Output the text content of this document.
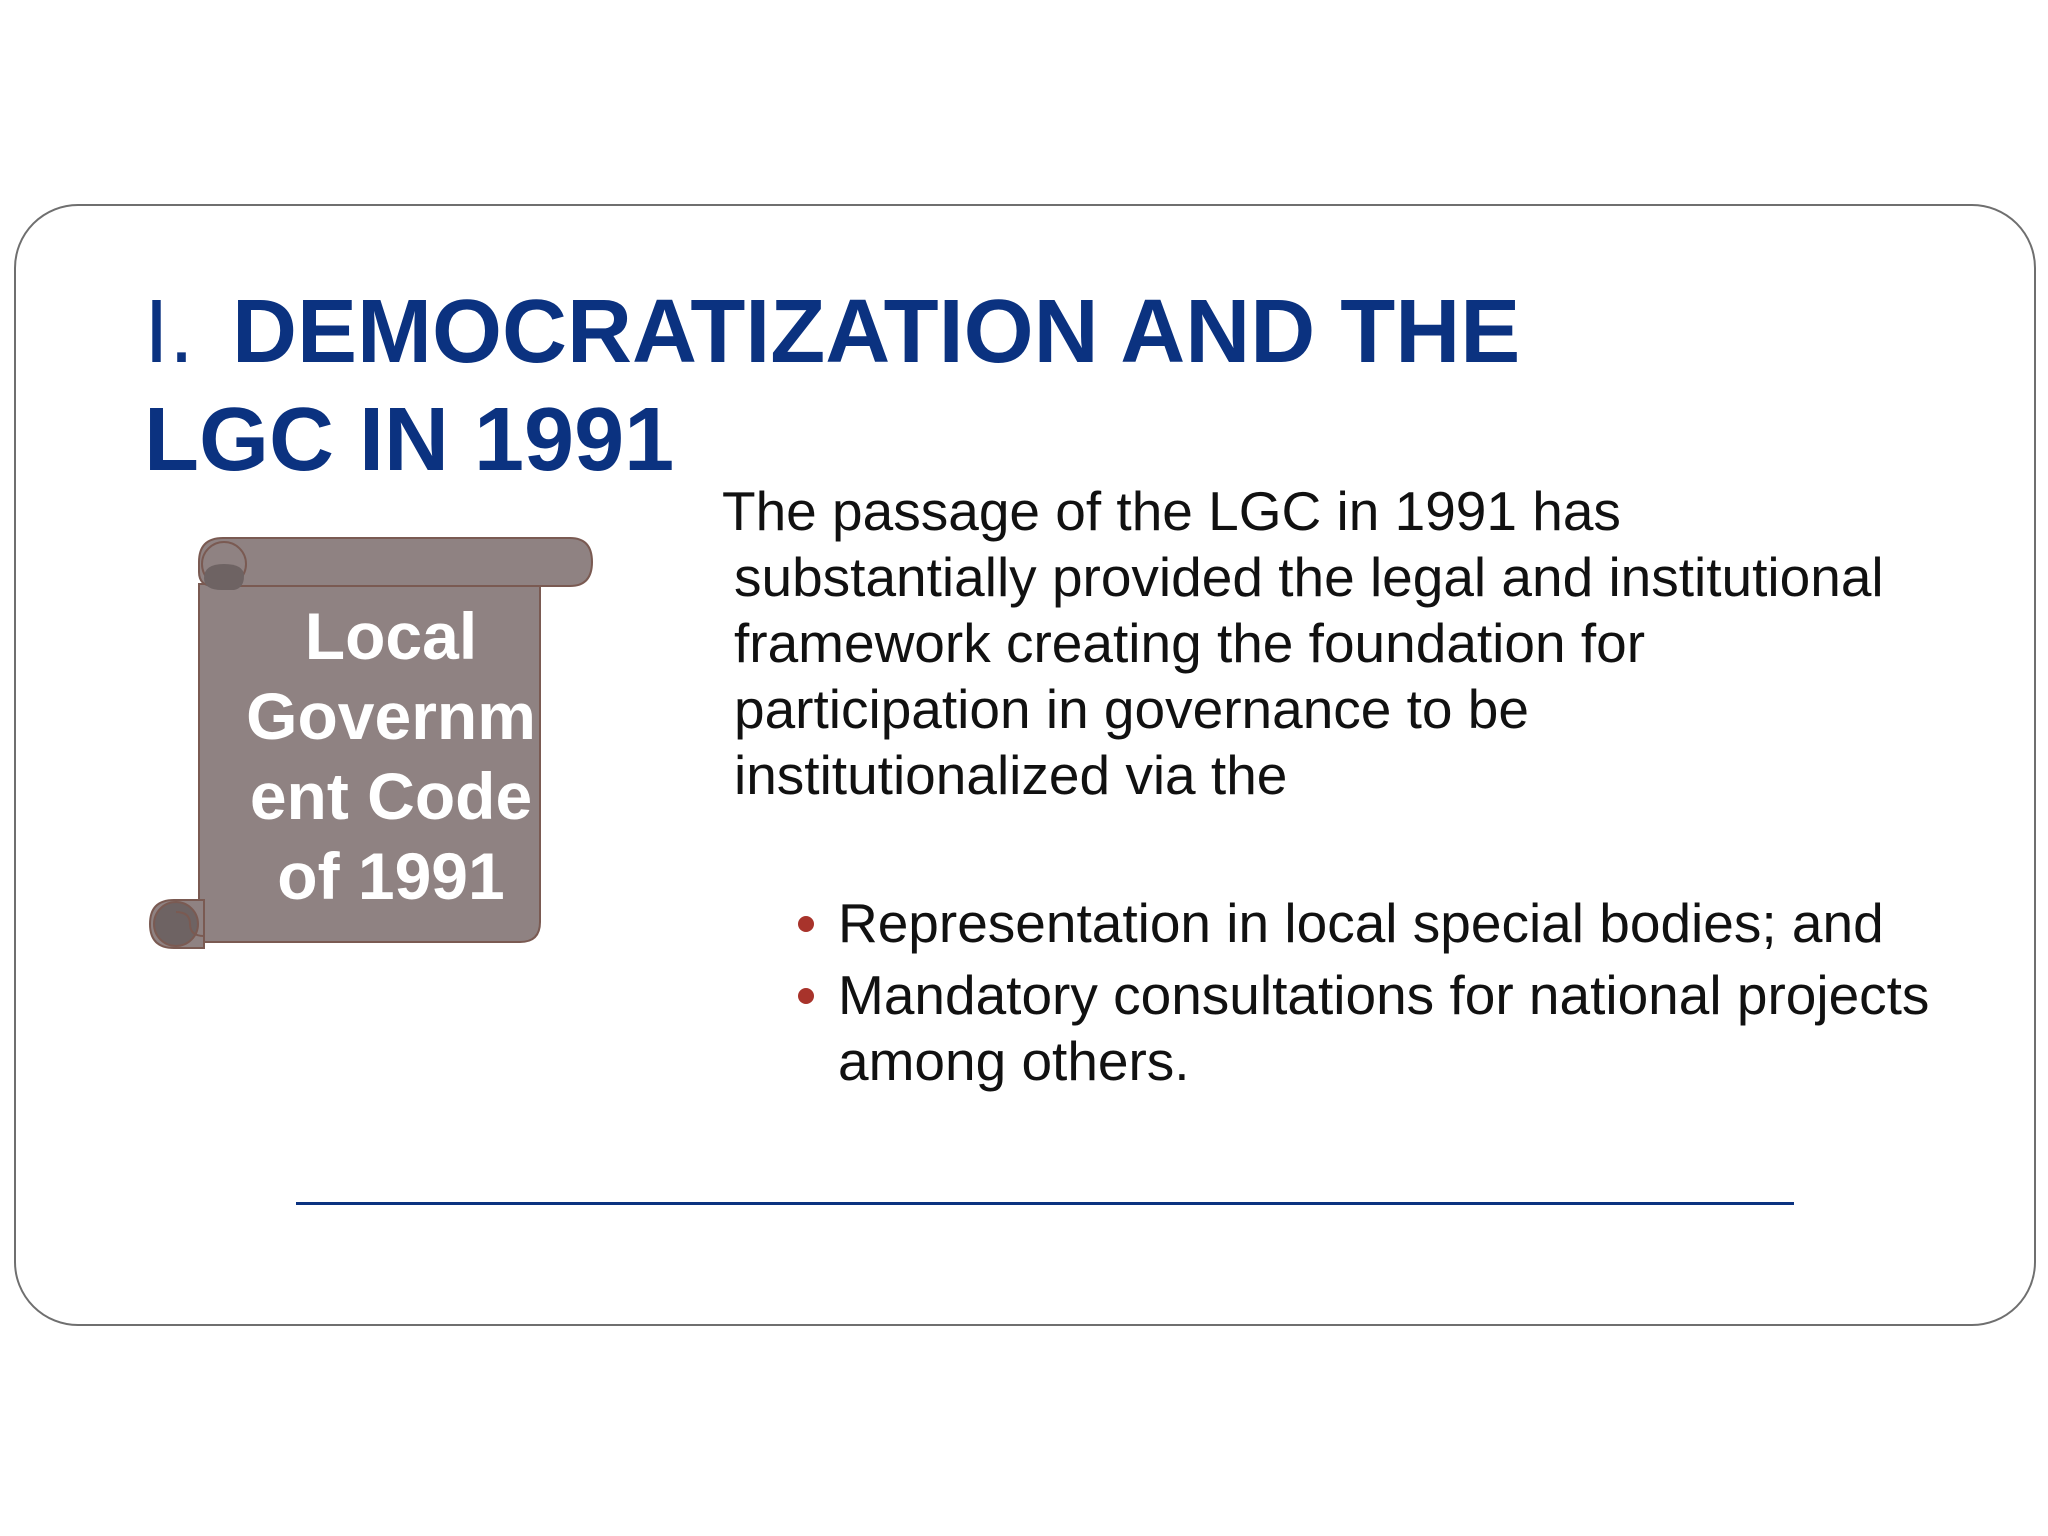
I. DEMOCRATIZATION AND THE
LGC IN 1991
Local
Governm
ent Code
of 1991

The passage of the LGC in 1991 has
substantially provided the legal and institutional
framework creating the foundation for
participation in governance to be
institutionalized via the

Representation in local special bodies; and
Mandatory consultations for national projects among others.
